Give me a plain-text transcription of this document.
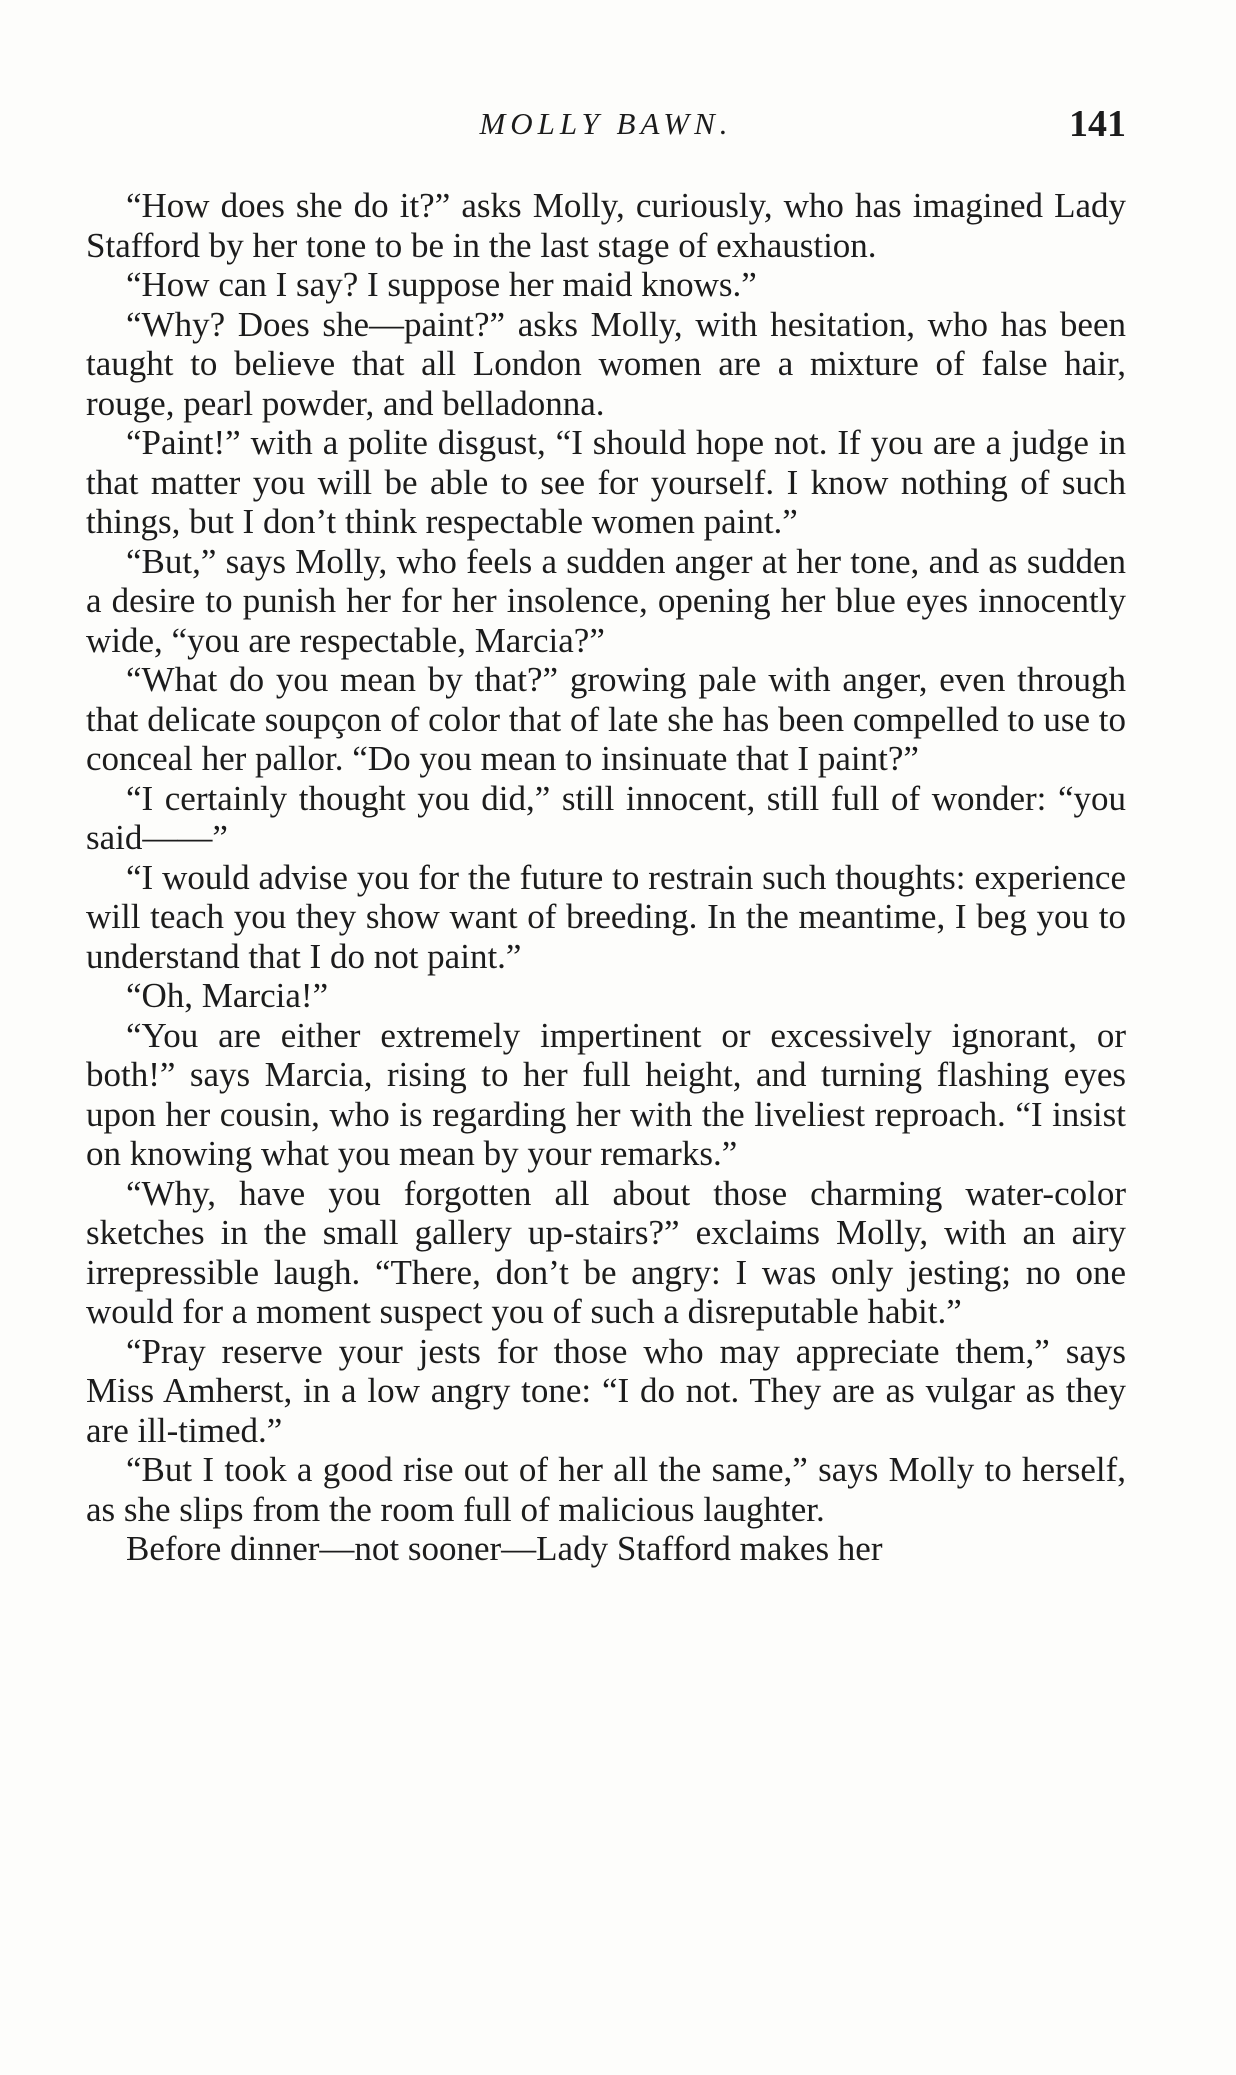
MOLLY BAWN.	141

“How does she do it?” asks Molly, curiously, who has imagined Lady Stafford by her tone to be in the last stage of exhaustion.

“How can I say? I suppose her maid knows.”

“Why? Does she—paint?” asks Molly, with hesitation, who has been taught to believe that all London women are a mixture of false hair, rouge, pearl powder, and belladonna.

“Paint!” with a polite disgust, “I should hope not. If you are a judge in that matter you will be able to see for yourself. I know nothing of such things, but I don’t think respectable women paint.”

“But,” says Molly, who feels a sudden anger at her tone, and as sudden a desire to punish her for her insolence, opening her blue eyes innocently wide, “you are respectable, Marcia?”

“What do you mean by that?” growing pale with anger, even through that delicate soupçon of color that of late she has been compelled to use to conceal her pallor. “Do you mean to insinuate that I paint?”

“I certainly thought you did,” still innocent, still full of wonder: “you said——”

“I would advise you for the future to restrain such thoughts: experience will teach you they show want of breeding. In the meantime, I beg you to understand that I do not paint.”

“Oh, Marcia!”

“You are either extremely impertinent or excessively ignorant, or both!” says Marcia, rising to her full height, and turning flashing eyes upon her cousin, who is regarding her with the liveliest reproach. “I insist on knowing what you mean by your remarks.”

“Why, have you forgotten all about those charming water-color sketches in the small gallery up-stairs?” exclaims Molly, with an airy irrepressible laugh. “There, don’t be angry: I was only jesting; no one would for a moment suspect you of such a disreputable habit.”

“Pray reserve your jests for those who may appreciate them,” says Miss Amherst, in a low angry tone: “I do not. They are as vulgar as they are ill-timed.”

“But I took a good rise out of her all the same,” says Molly to herself, as she slips from the room full of malicious laughter.

Before dinner—not sooner—Lady Stafford makes her
